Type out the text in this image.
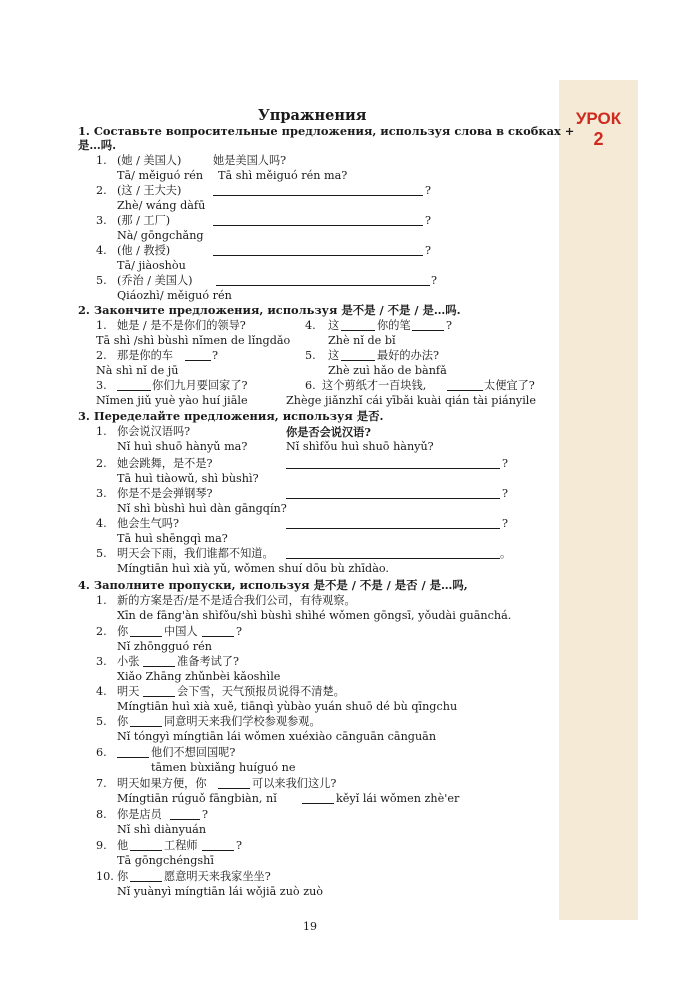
УРОК
2
Упражнения
1. Составьте вопросительные предложения, используя слова в скобках +
是…吗.
1. (她 / 美国人)	她是美国人吗?
Tā/ měiguó rén Tā shì měiguó rén ma?
2. (这 / 王大夫)	?
Zhè/ wáng dàfū
3. (那 / 工厂)	?
Nà/ gōngchǎng
4. (他 / 教授)	?
Tā/ jiàoshòu
5. (乔治 / 美国人)	?
Qiáozhì/ měiguó rén
2. Закончите предложения, используя 是不是 / 不是 / 是…吗.
1. 她是 / 是不是你们的领导?
Tā shì /shì bùshì nǐmen de lǐngdǎo
4. 这	你的笔	?
Zhè nǐ de bǐ
2. 那是你的车	?
Nà shì nǐ de jū
5. 这	最好的办法?
Zhè zuì hǎo de bànfǎ
3.	你们九月要回家了?
Nǐmen jiǔ yuè yào huí jiāle
6. 这个剪纸才一百块钱,	太便宜了?
Zhège jiǎnzhǐ cái yībǎi kuài qián tài piányile
3. Переделайте предложения, используя 是否.
1. 你会说汉语吗?	你是否会说汉语?
Nǐ huì shuō hànyǔ ma?	Nǐ shìfǒu huì shuō hànyǔ?
2. 她会跳舞，是不是?	?
Tā huì tiàowǔ, shì bùshì?
3. 你是不是会弹钢琴?	?
Nǐ shì bùshì huì dàn gāngqín?
4. 他会生气吗?	?
Tā huì shēngqì ma?
5. 明天会下雨，我们谁都不知道。	。
Míngtiān huì xià yǔ, wǒmen shuí dōu bù zhīdào.
4. Заполните пропуски, используя 是不是 / 不是 / 是否 / 是…吗,
1. 新的方案是否/是不是适合我们公司，有待观察。
Xīn de fāng'àn shìfǒu/shì bùshì shìhé wǒmen gōngsī, yǒudài guānchá.
2. 你	中国人	?
Nǐ zhōngguó rén
3. 小张	准备考试了?
Xiǎo Zhāng zhǔnbèi kǎoshìle
4. 明天	会下雪，天气预报员说得不清楚。
Míngtiān huì xià xuě, tiānqì yùbào yuán shuō dé bù qīngchu
5. 你	同意明天来我们学校参观参观。
Nǐ tóngyì míngtiān lái wǒmen xuéxiào cānguān cānguān
6.	他们不想回国呢?
tāmen bùxiǎng huíguó ne
7. 明天如果方便，你	可以来我们这儿?
Míngtiān rúguǒ fāngbiàn, nǐ	kěyǐ lái wǒmen zhè'er
8. 你是店员	?
Nǐ shì diànyuán
9. 他	工程师	?
Tā gōngchéngshī
10. 你	愿意明天来我家坐坐?
Nǐ yuànyì míngtiān lái wǒjiā zuò zuò
19
